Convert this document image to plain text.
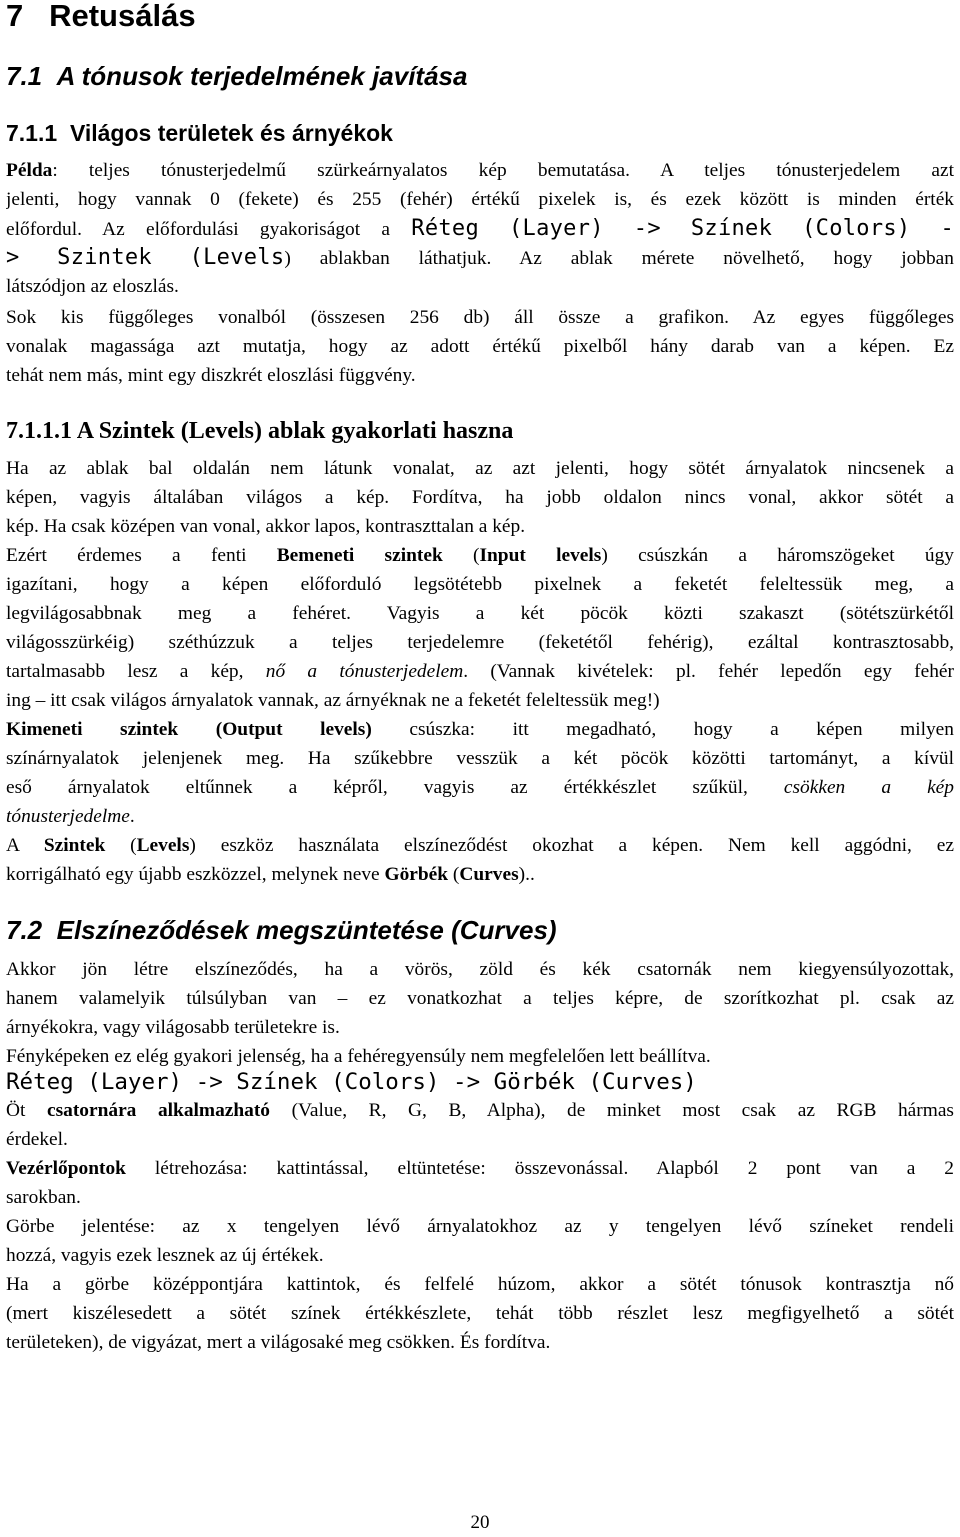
7 Retusálás
7.1 A tónusok terjedelmének javítása
7.1.1 Világos területek és árnyékok
Példa: teljes tónusterjedelmű szürkeárnyalatos kép bemutatása. A teljes tónusterjedelem azt
jelenti, hogy vannak 0 (fekete) és 255 (fehér) értékű pixelek is, és ezek között is minden érték
előfordul. Az előfordulási gyakoriságot a Réteg (Layer) -> Színek (Colors) -
> Szintek (Levels) ablakban láthatjuk. Az ablak mérete növelhető, hogy jobban
látszódjon az eloszlás.
Sok kis függőleges vonalból (összesen 256 db) áll össze a grafikon. Az egyes függőleges
vonalak magassága azt mutatja, hogy az adott értékű pixelből hány darab van a képen. Ez
tehát nem más, mint egy diszkrét eloszlási függvény.
7.1.1.1 A Szintek (Levels) ablak gyakorlati haszna
Ha az ablak bal oldalán nem látunk vonalat, az azt jelenti, hogy sötét árnyalatok nincsenek a
képen, vagyis általában világos a kép. Fordítva, ha jobb oldalon nincs vonal, akkor sötét a
kép. Ha csak középen van vonal, akkor lapos, kontraszttalan a kép.
Ezért érdemes a fenti Bemeneti szintek (Input levels) csúszkán a háromszögeket úgy
igazítani, hogy a képen előforduló legsötétebb pixelnek a feketét feleltessük meg, a
legvilágosabbnak meg a fehéret. Vagyis a két pöcök közti szakaszt (sötétszürkétől
világosszürkéig) széthúzzuk a teljes terjedelemre (feketétől fehérig), ezáltal kontrasztosabb,
tartalmasabb lesz a kép, nő a tónusterjedelem. (Vannak kivételek: pl. fehér lepedőn egy fehér
ing – itt csak világos árnyalatok vannak, az árnyéknak ne a feketét feleltessük meg!)
Kimeneti szintek (Output levels) csúszka: itt megadható, hogy a képen milyen
színárnyalatok jelenjenek meg. Ha szűkebbre vesszük a két pöcök közötti tartományt, a kívül
eső árnyalatok eltűnnek a képről, vagyis az értékkészlet szűkül, csökken a kép
tónusterjedelme.
A Szintek (Levels) eszköz használata elszíneződést okozhat a képen. Nem kell aggódni, ez
korrigálható egy újabb eszközzel, melynek neve Görbék (Curves)..
7.2 Elszíneződések megszüntetése (Curves)
Akkor jön létre elszíneződés, ha a vörös, zöld és kék csatornák nem kiegyensúlyozottak,
hanem valamelyik túlsúlyban van – ez vonatkozhat a teljes képre, de szorítkozhat pl. csak az
árnyékokra, vagy világosabb területekre is.
Fényképeken ez elég gyakori jelenség, ha a fehéregyensúly nem megfelelően lett beállítva.
Réteg (Layer) -> Színek (Colors) -> Görbék (Curves)
Öt csatornára alkalmazható (Value, R, G, B, Alpha), de minket most csak az RGB hármas
érdekel.
Vezérlőpontok létrehozása: kattintással, eltüntetése: összevonással. Alapból 2 pont van a 2
sarokban.
Görbe jelentése: az x tengelyen lévő árnyalatokhoz az y tengelyen lévő színeket rendeli
hozzá, vagyis ezek lesznek az új értékek.
Ha a görbe középpontjára kattintok, és felfelé húzom, akkor a sötét tónusok kontrasztja nő
(mert kiszélesedett a sötét színek értékkészlete, tehát több részlet lesz megfigyelhető a sötét
területeken), de vigyázat, mert a világosaké meg csökken. És fordítva.
20
